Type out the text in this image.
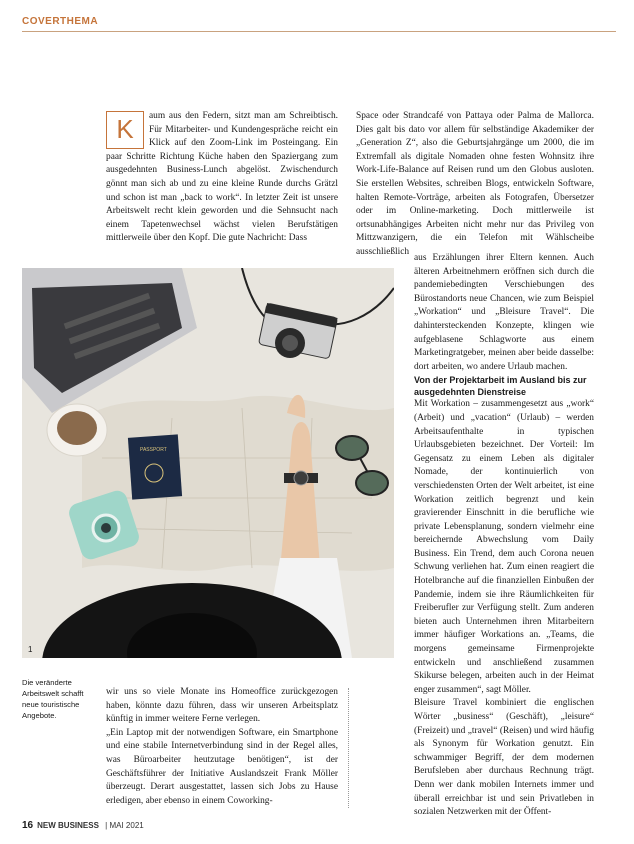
COVERTHEMA
K	aum aus den Federn, sitzt man am Schreibtisch. Für Mitarbeiter- und Kundengespräche reicht ein Klick auf den Zoom-Link im Posteingang. Ein paar Schritte Richtung Küche haben den Spaziergang zum ausgedehnten Business-Lunch abgelöst. Zwischendurch gönnt man sich ab und zu eine kleine Runde durchs Grätzl und schon ist man „back to work“. In letzter Zeit ist unsere Arbeitswelt recht klein geworden und die Sehnsucht nach einem Tapetenwechsel wächst vielen Berufstätigen mittlerweile über den Kopf. Die gute Nachricht: Dass

Space oder Strandcafé von Pattaya oder Palma de Mallorca. Dies galt bis dato vor allem für selbständige Akademiker der „Generation Z“, also die Geburtsjahrgänge um 2000, die im Extremfall als digitale Nomaden ohne festen Wohnsitz ihre Work-Life-Balance auf Reisen rund um den Globus ausloten. Sie erstellen Websites, schreiben Blogs, entwickeln Software, halten Remote-Vorträge, arbeiten als Fotografen, Übersetzer oder im Online-marketing. Doch mittlerweile ist ortsunabhängiges Arbeiten nicht mehr nur das Privileg von Mittzwanzigern, die ein Telefon mit Wählscheibe ausschließlich

aus Erzählungen ihrer Eltern kennen. Auch älteren Arbeitnehmern eröffnen sich durch die pandemiebedingten Verschiebungen des Bürostandorts neue Chancen, wie zum Beispiel „Workation“ und „Bleisure Travel“. Die dahintersteckenden Konzepte, klingen wie aufgeblasene Schlagworte aus einem Marketingratgeber, meinen aber beide dasselbe: dort arbeiten, wo andere Urlaub machen.

Von der Projektarbeit im Ausland bis zur ausgedehnten Dienstreise

Mit Workation – zusammengesetzt aus „work“ (Arbeit) und „vacation“ (Urlaub) – werden Arbeitsaufenthalte in typischen Urlaubsgebieten bezeichnet. Der Vorteil: Im Gegensatz zu einem Leben als digitaler Nomade, der kontinuierlich von verschiedensten Orten der Welt arbeitet, ist eine Workation zeitlich begrenzt und kein gravierender Einschnitt in die berufliche wie private Lebensplanung, sondern vielmehr eine bereichernde Abwechslung vom Daily Business. Ein Trend, dem auch Corona neuen Schwung verliehen hat. Zum einen reagiert die Hotelbranche auf die finanziellen Einbußen der Pandemie, indem sie ihre Räumlichkeiten für Freiberufler zur Verfügung stellt. Zum anderen bieten auch Unternehmen ihren Mitarbeitern immer häufiger Workations an. „Teams, die morgens gemeinsame Firmenprojekte entwickeln und anschließend zusammen Skikurse belegen, arbeiten auch in der Heimat enger zusammen“, sagt Möller.

Bleisure Travel kombiniert die englischen Wörter „business“ (Geschäft), „leisure“ (Freizeit) und „travel“ (Reisen) und wird häufig als Synonym für Workation genutzt. Ein schwammiger Begriff, der dem modernen Berufsleben aber durchaus Rechnung trägt. Denn wer dank mobilen Internets immer und überall erreichbar ist und sein Privatleben in sozialen Netzwerken mit der Öffent-

PASSPORT
1
Die veränderte Arbeitswelt schafft neue touristische Angebote.

wir uns so viele Monate ins Homeoffice zurückgezogen haben, könnte dazu führen, dass wir unseren Arbeitsplatz künftig in immer weitere Ferne verlegen.

„Ein Laptop mit der notwendigen Software, ein Smartphone und eine stabile Internetverbindung sind in der Regel alles, was Büroarbeiter heutzutage benötigen“, ist der Geschäftsführer der Initiative Auslandszeit Frank Möller überzeugt. Derart ausgestattet, lassen sich Jobs zu Hause erledigen, aber ebenso in einem Coworking-

16 NEW BUSINESS | MAI 2021
